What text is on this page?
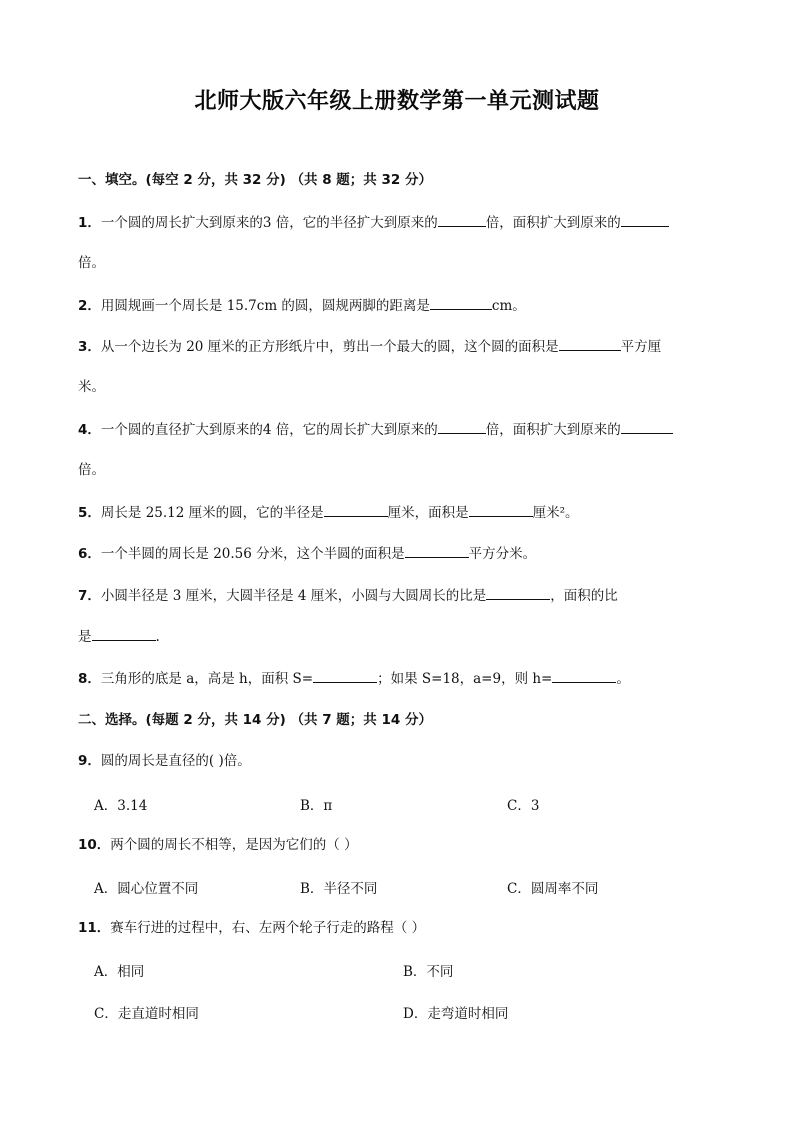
北师大版六年级上册数学第一单元测试题
一、填空。(每空 2 分，共 32 分) （共 8 题；共 32 分）
1．一个圆的周长扩大到原来的3 倍，它的半径扩大到原来的	倍，面积扩大到原来的
倍。
2．用圆规画一个周长是 15.7cm 的圆，圆规两脚的距离是	cm。
3．从一个边长为 20 厘米的正方形纸片中，剪出一个最大的圆，这个圆的面积是	平方厘
米。
4．一个圆的直径扩大到原来的4 倍，它的周长扩大到原来的	倍，面积扩大到原来的
倍。
5．周长是 25.12 厘米的圆，它的半径是	厘米，面积是	厘米²。
6．一个半圆的周长是 20.56 分米，这个半圆的面积是	平方分米。
7．小圆半径是 3 厘米，大圆半径是 4 厘米，小圆与大圆周长的比是	，面积的比
是	.
8．三角形的底是 a，高是 h，面积 S=	；如果 S=18，a=9，则 h=	。
二、选择。(每题 2 分，共 14 分) （共 7 题；共 14 分）
9．圆的周长是直径的( )倍。
A．3.14	B．π	C．3
10．两个圆的周长不相等，是因为它们的（ ）
A．圆心位置不同	B．半径不同	C．圆周率不同
11．赛车行进的过程中，右、左两个轮子行走的路程（ ）
A．相同	B．不同
C．走直道时相同	D．走弯道时相同
